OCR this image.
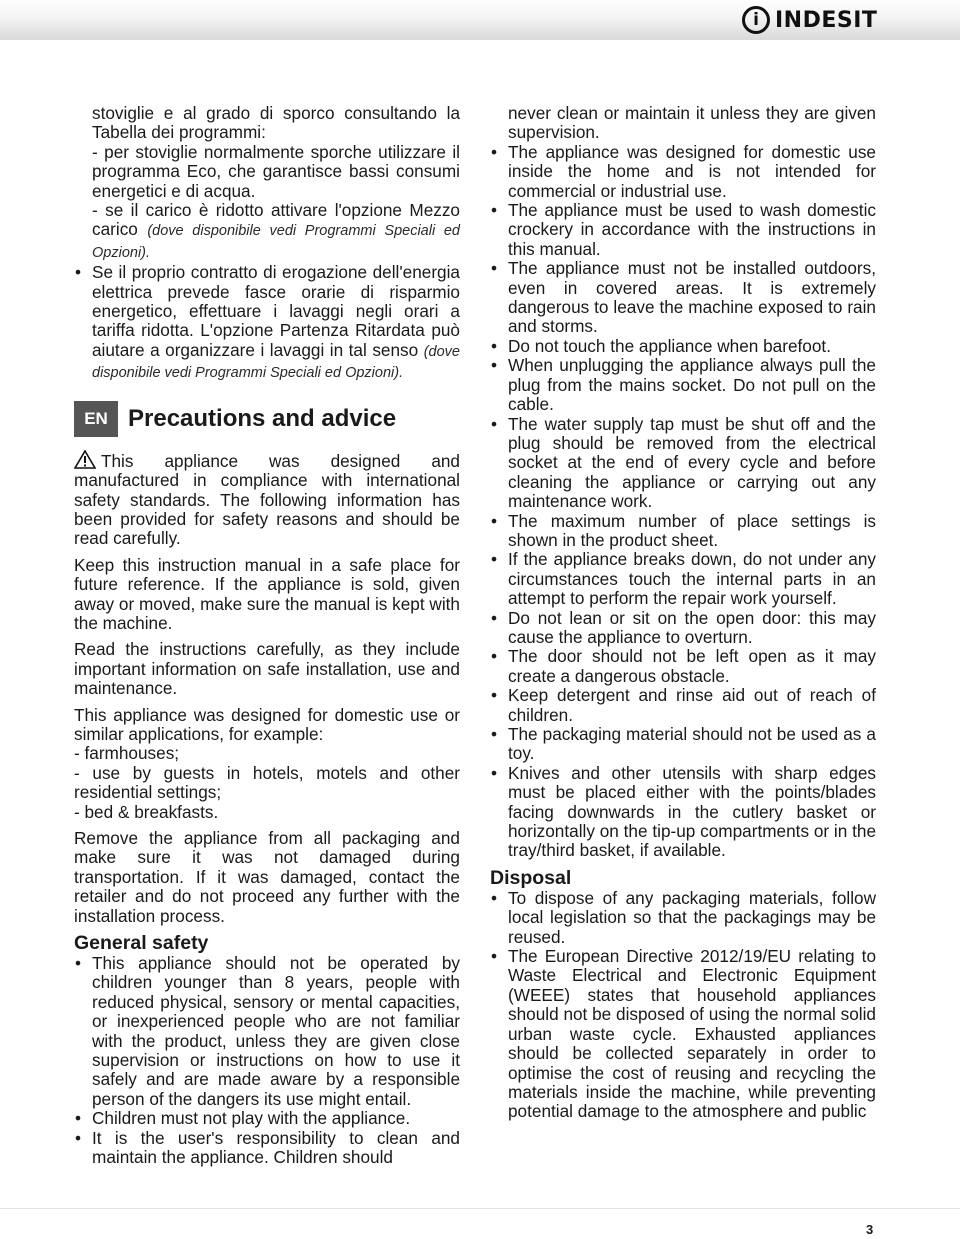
i INDESIT

stoviglie e al grado di sporco consultando la Tabella dei programmi:

- per stoviglie normalmente sporche utilizzare il programma Eco, che garantisce bassi consumi energetici e di acqua.

- se il carico è ridotto attivare l'opzione Mezzo carico (dove disponibile vedi Programmi Speciali ed Opzioni).

• Se il proprio contratto di erogazione dell'energia elettrica prevede fasce orarie di risparmio energetico, effettuare i lavaggi negli orari a tariffa ridotta. L'opzione Partenza Ritardata può aiutare a organizzare i lavaggi in tal senso (dove disponibile vedi Programmi Speciali ed Opzioni).

EN Precautions and advice

This appliance was designed and manufactured in compliance with international safety standards. The following information has been provided for safety reasons and should be read carefully.

Keep this instruction manual in a safe place for future reference. If the appliance is sold, given away or moved, make sure the manual is kept with the machine.

Read the instructions carefully, as they include important information on safe installation, use and maintenance.

This appliance was designed for domestic use or similar applications, for example:

- farmhouses;

- use by guests in hotels, motels and other residential settings;

- bed & breakfasts.

Remove the appliance from all packaging and make sure it was not damaged during transportation. If it was damaged, contact the retailer and do not proceed any further with the installation process.

General safety

• This appliance should not be operated by children younger than 8 years, people with reduced physical, sensory or mental capacities, or inexperienced people who are not familiar with the product, unless they are given close supervision or instructions on how to use it safely and are made aware by a responsible person of the dangers its use might entail.

• Children must not play with the appliance.

• It is the user's responsibility to clean and maintain the appliance. Children should

never clean or maintain it unless they are given supervision.

• The appliance was designed for domestic use inside the home and is not intended for commercial or industrial use.

• The appliance must be used to wash domestic crockery in accordance with the instructions in this manual.

• The appliance must not be installed outdoors, even in covered areas. It is extremely dangerous to leave the machine exposed to rain and storms.

• Do not touch the appliance when barefoot.

• When unplugging the appliance always pull the plug from the mains socket. Do not pull on the cable.

• The water supply tap must be shut off and the plug should be removed from the electrical socket at the end of every cycle and before cleaning the appliance or carrying out any maintenance work.

• The maximum number of place settings is shown in the product sheet.

• If the appliance breaks down, do not under any circumstances touch the internal parts in an attempt to perform the repair work yourself.

• Do not lean or sit on the open door: this may cause the appliance to overturn.

• The door should not be left open as it may create a dangerous obstacle.

• Keep detergent and rinse aid out of reach of children.

• The packaging material should not be used as a toy.

• Knives and other utensils with sharp edges must be placed either with the points/blades facing downwards in the cutlery basket or horizontally on the tip-up compartments or in the tray/third basket, if available.

Disposal

• To dispose of any packaging materials, follow local legislation so that the packagings may be reused.

• The European Directive 2012/19/EU relating to Waste Electrical and Electronic Equipment (WEEE) states that household appliances should not be disposed of using the normal solid urban waste cycle. Exhausted appliances should be collected separately in order to optimise the cost of reusing and recycling the materials inside the machine, while preventing potential damage to the atmosphere and public

3
